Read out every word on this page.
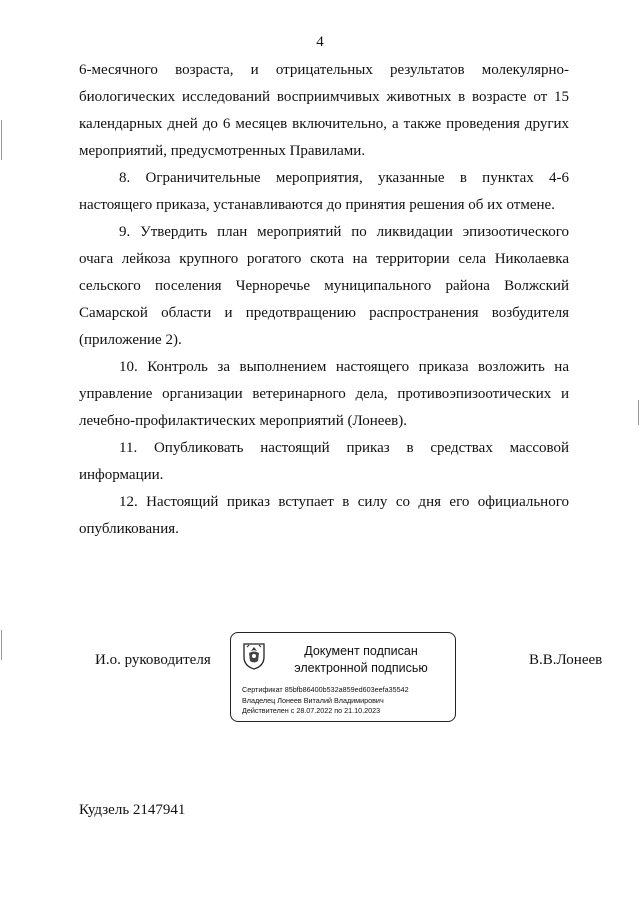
4

6-месячного возраста, и отрицательных результатов молекулярно-биологических исследований восприимчивых животных в возрасте от 15 календарных дней до 6 месяцев включительно, а также проведения других мероприятий, предусмотренных Правилами.

8. Ограничительные мероприятия, указанные в пунктах 4-6 настоящего приказа, устанавливаются до принятия решения об их отмене.

9. Утвердить план мероприятий по ликвидации эпизоотического очага лейкоза крупного рогатого скота на территории села Николаевка сельского поселения Черноречье муниципального района Волжский Самарской области и предотвращению распространения возбудителя (приложение 2).

10. Контроль за выполнением настоящего приказа возложить на управление организации ветеринарного дела, противоэпизоотических и лечебно-профилактических мероприятий (Лонеев).

11. Опубликовать настоящий приказ в средствах массовой информации.

12. Настоящий приказ вступает в силу со дня его официального опубликования.

И.о. руководителя
Документ подписан
электронной подписью
Сертификат 85bfb86400b532a859ed603eefa35542
Владелец Лонеев Виталий Владимирович
Действителен с 28.07.2022 по 21.10.2023
В.В.Лонеев
Кудзель 2147941
